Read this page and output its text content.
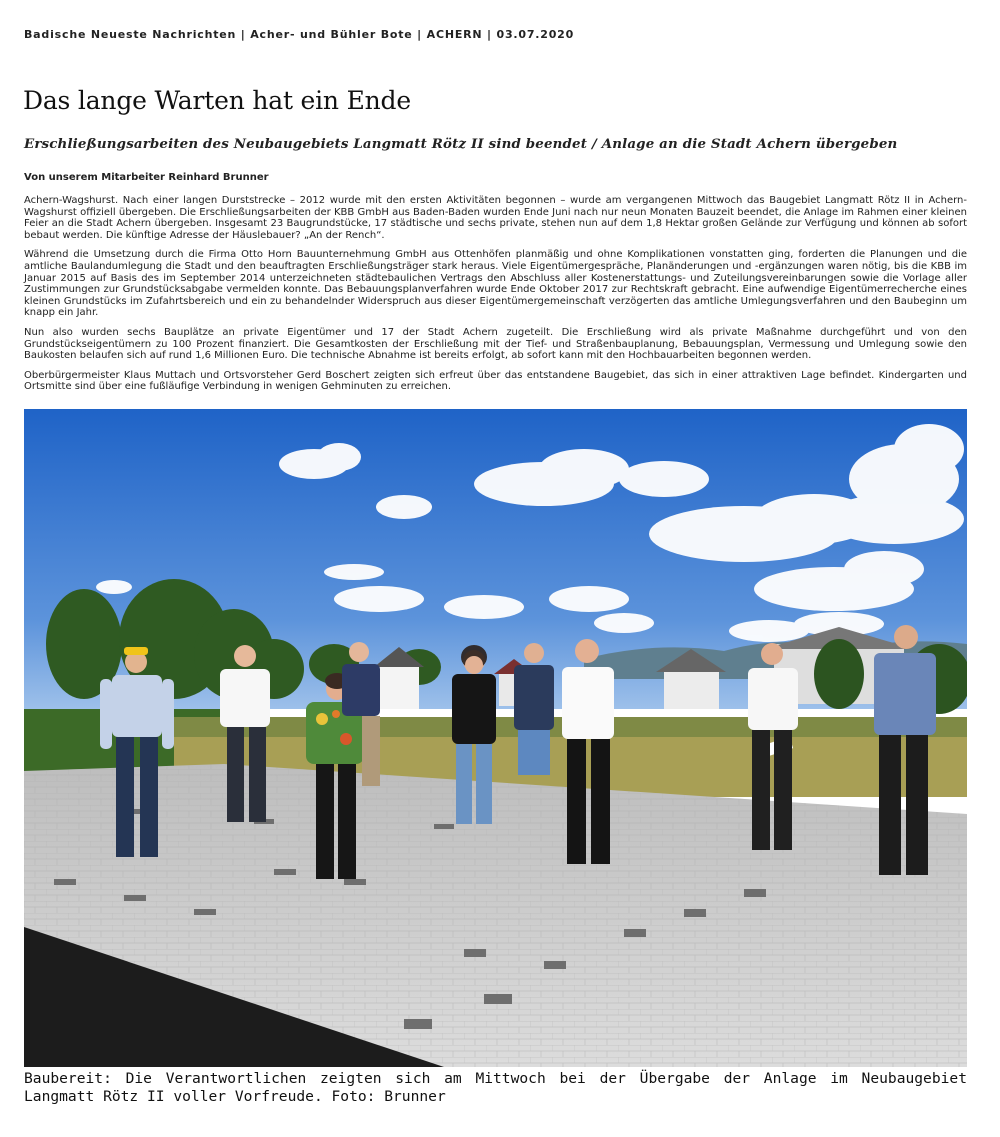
Badische Neueste Nachrichten | Acher- und Bühler Bote | ACHERN | 03.07.2020
Das lange Warten hat ein Ende
Erschließungsarbeiten des Neubaugebiets Langmatt Rötz II sind beendet / Anlage an die Stadt Achern übergeben
Von unserem Mitarbeiter Reinhard Brunner

Achern-Wagshurst. Nach einer langen Durststrecke – 2012 wurde mit den ersten Aktivitäten begonnen – wurde am vergangenen Mittwoch das Baugebiet Langmatt Rötz II in Achern-Wagshurst offiziell übergeben. Die Erschließungsarbeiten der KBB GmbH aus Baden-Baden wurden Ende Juni nach nur neun Monaten Bauzeit beendet, die Anlage im Rahmen einer kleinen Feier an die Stadt Achern übergeben. Insgesamt 23 Baugrundstücke, 17 städtische und sechs private, stehen nun auf dem 1,8 Hektar großen Gelände zur Verfügung und können ab sofort bebaut werden. Die künftige Adresse der Häuslebauer? „An der Rench“.

Während die Umsetzung durch die Firma Otto Horn Bauunternehmung GmbH aus Ottenhöfen planmäßig und ohne Komplikationen vonstatten ging, forderten die Planungen und die amtliche Baulandumlegung die Stadt und den beauftragten Erschließungsträger stark heraus. Viele Eigentümergespräche, Planänderungen und -ergänzungen waren nötig, bis die KBB im Januar 2015 auf Basis des im September 2014 unterzeichneten städtebaulichen Vertrags den Abschluss aller Kostenerstattungs- und Zuteilungsvereinbarungen sowie die Vorlage aller Zustimmungen zur Grundstücksabgabe vermelden konnte. Das Bebauungsplanverfahren wurde Ende Oktober 2017 zur Rechtskraft gebracht. Eine aufwendige Eigentümerrecherche eines kleinen Grundstücks im Zufahrtsbereich und ein zu behandelnder Widerspruch aus dieser Eigentümergemeinschaft verzögerten das amtliche Umlegungsverfahren und den Baubeginn um knapp ein Jahr.

Nun also wurden sechs Bauplätze an private Eigentümer und 17 der Stadt Achern zugeteilt. Die Erschließung wird als private Maßnahme durchgeführt und von den Grundstückseigentümern zu 100 Prozent finanziert. Die Gesamtkosten der Erschließung mit der Tief- und Straßenbauplanung, Bebauungsplan, Vermessung und Umlegung sowie den Baukosten belaufen sich auf rund 1,6 Millionen Euro. Die technische Abnahme ist bereits erfolgt, ab sofort kann mit den Hochbauarbeiten begonnen werden.

Oberbürgermeister Klaus Muttach und Ortsvorsteher Gerd Boschert zeigten sich erfreut über das entstandene Baugebiet, das sich in einer attraktiven Lage befindet. Kindergarten und Ortsmitte sind über eine fußläufige Verbindung in wenigen Gehminuten zu erreichen.

Baubereit: Die Verantwortlichen zeigten sich am Mittwoch bei der Übergabe der Anlage im Neubaugebiet Langmatt Rötz II voller Vorfreude. Foto: Brunner
